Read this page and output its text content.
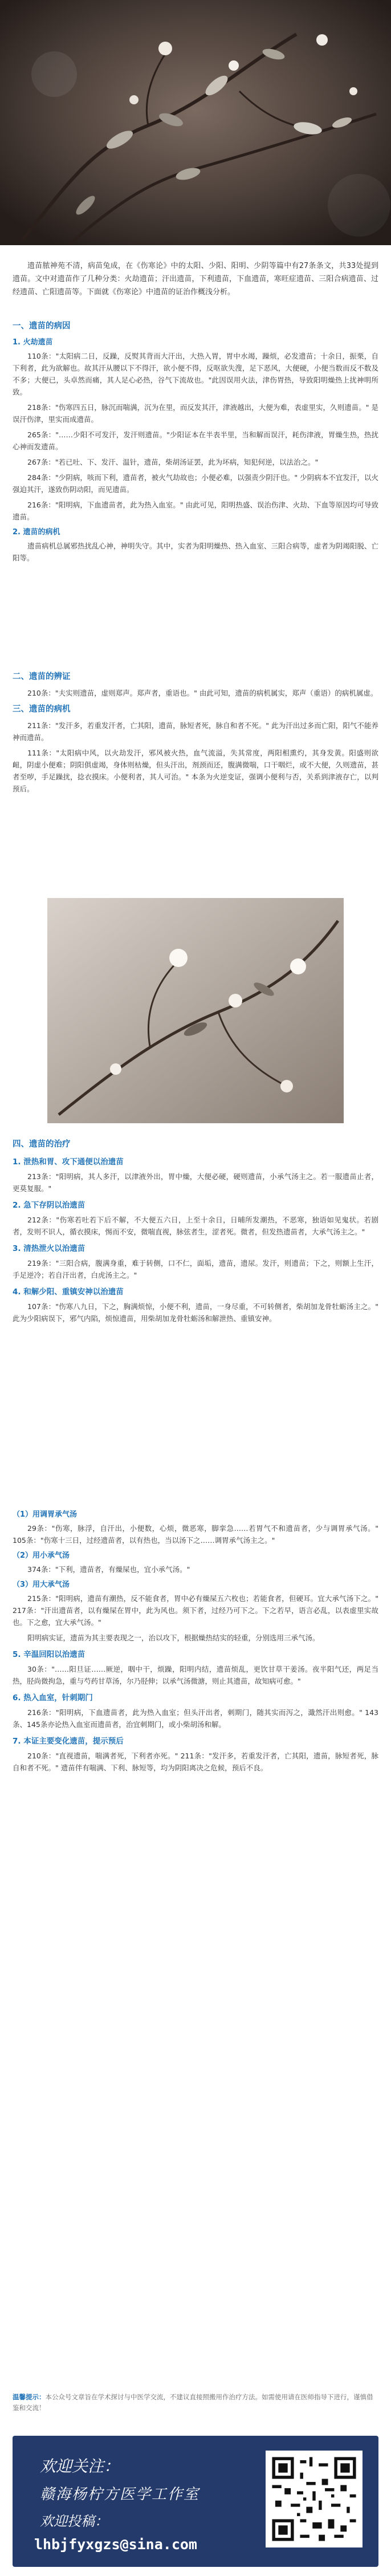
遗苗脓神苑不清，病苗兔成，在《伤寒论》中的太阳、少阳、阳明、少阴等篇中有27条条文，共33处提到遗苗。文中对遗苗作了几种分类：火劫遗苗；汗出遗苗，下利遗苗，下血遗苗，寒旺症遗苗、三阳合病遗苗、过经遗苗、亡阳遗苗等。下面就《伤寒论》中遗苗的证治作概浅分析。
一、遗苗的病因
1. 火劫遗苗

110条："太阳病二日，反躁，反熨其背而大汗出，大热入胃，胃中水竭，躁烦，必发遗苗；十余日，振栗，自下利者，此为欲解也。故其汗从腰以下不得汗，欲小便不得，反呕欲失溲，足下恶风，大便硬，小便当数而反不数及不多；大便已，头卓然而痛，其人足心必热，谷气下流故也。"此因误用火法，津伤胃热，导致阳明燥热上扰神明所致。

218条："伤寒四五日，脉沉而喘满，沉为在里，而反发其汗，津液越出，大便为难，表虚里实，久则遗苗。" 是误汗伤津，里实而成遗苗。

265条："……少阳不可发汗，发汗则遗苗。"少阳证本在半表半里，当和解而误汗，耗伤津液，胃燥生热，热扰心神而发遗苗。

267条："若已吐、下、发汗、温针，遗苗，柴胡汤证罢，此为坏病，知犯何逆，以法治之。"

284条："少阴病，咳而下利，遗苗者，被火气劫故也；小便必难，以强责少阴汗也。" 少阴病本不宜发汗，以火强迫其汗，遂致伤阴动阳，而见遗苗。

216条："阳明病，下血遗苗者，此为热入血室。" 由此可见，阳明热盛、误治伤津、火劫、下血等原因均可导致遗苗。

2. 遗苗的病机

遗苗病机总属邪热扰乱心神，神明失守。其中，实者为阳明燥热、热入血室、三阳合病等，虚者为阴竭阳脱、亡阳等。

二、遗苗的辨证

210条："夫实则遗苗，虚则郑声。郑声者，重语也。" 由此可知，遗苗的病机属实，郑声（重语）的病机属虚。

三、遗苗的病机

211条："发汗多，若重发汗者，亡其阳，遗苗，脉短者死，脉自和者不死。" 此为汗出过多而亡阳，阳气不能养神而遗苗。

111条："太阳病中风，以火劫发汗，邪风被火热，血气流溢，失其常度，两阳相熏灼，其身发黄。阳盛则欲衄，阴虚小便难；阴阳俱虚竭，身体则枯燥，但头汗出，剂颈而还，腹满微喘，口干咽烂，或不大便，久则遗苗，甚者至哕，手足躁扰，捻衣摸床。小便利者，其人可治。" 本条为火逆变证，强调小便利与否，关系到津液存亡，以判预后。

四、遗苗的治疗
1. 泄热和胃、攻下通便以治遗苗

213条："阳明病，其人多汗，以津液外出，胃中燥，大便必硬，硬则遗苗，小承气汤主之。若一服遗苗止者，更莫复服。"

2. 急下存阴以治遗苗

212条："伤寒若吐若下后不解，不大便五六日，上至十余日，日晡所发潮热，不恶寒，独语如见鬼状。若剧者，发则不识人，循衣摸床，惕而不安，微喘直视，脉弦者生，涩者死。微者，但发热遗苗者，大承气汤主之。"

3. 清热泄火以治遗苗

219条："三阳合病，腹满身重，难于转侧，口不仁，面垢，遗苗，遗尿。发汗，则遗苗；下之，则额上生汗，手足逆冷；若自汗出者，白虎汤主之。"

4. 和解少阳、重镇安神以治遗苗

107条："伤寒八九日，下之，胸满烦惊，小便不利，遗苗，一身尽重，不可转侧者，柴胡加龙骨牡蛎汤主之。" 此为少阳病误下，邪气内陷，烦惊遗苗，用柴胡加龙骨牡蛎汤和解泄热、重镇安神。

（1）用调胃承气汤

29条："伤寒，脉浮，自汗出，小便数，心烦，微恶寒，脚挛急……若胃气不和遗苗者，少与调胃承气汤。" 105条："伤寒十三日，过经遗苗者，以有热也，当以汤下之……调胃承气汤主之。"

（2）用小承气汤

374条："下利，遗苗者，有燥屎也，宜小承气汤。"

（3）用大承气汤

215条："阳明病，遗苗有潮热，反不能食者，胃中必有燥屎五六枚也；若能食者，但硬耳。宜大承气汤下之。" 217条："汗出遗苗者，以有燥屎在胃中，此为风也。须下者，过经乃可下之。下之若早，语言必乱，以表虚里实故也。下之愈，宜大承气汤。"

阳明病实证，遗苗为其主要表现之一，治以攻下，根据燥热结实的轻重，分别选用三承气汤。

5. 辛温回阳以治遗苗

30条："……阳旦证……厥逆，咽中干，烦躁，阳明内结，遗苗烦乱，更饮甘草干姜汤。夜半阳气还，两足当热，胫尚微拘急，重与芍药甘草汤，尔乃胫伸；以承气汤微溏，则止其遗苗，故知病可愈。"

6. 热入血室，针刺期门

216条："阳明病，下血遗苗者，此为热入血室；但头汗出者，刺期门，随其实而泻之，濈然汗出则愈。" 143条、145条亦论热入血室而遗苗者，治宜刺期门，或小柴胡汤和解。

7. 本证主要变化遗苗，提示预后

210条："直视遗苗，喘满者死，下利者亦死。" 211条："发汗多，若重发汗者，亡其阳，遗苗，脉短者死，脉自和者不死。" 遗苗伴有喘满、下利、脉短等，均为阴阳离决之危候，预后不良。

温馨提示：本公众号文章旨在学术探讨与中医学交流，不建议直接照搬用作治疗方法。如需使用请在医师指导下进行，谨慎借鉴和交流！
欢迎关注：
赣海杨柠方医学工作室
欢迎投稿：
lhbjfyxgzs@sina.com
